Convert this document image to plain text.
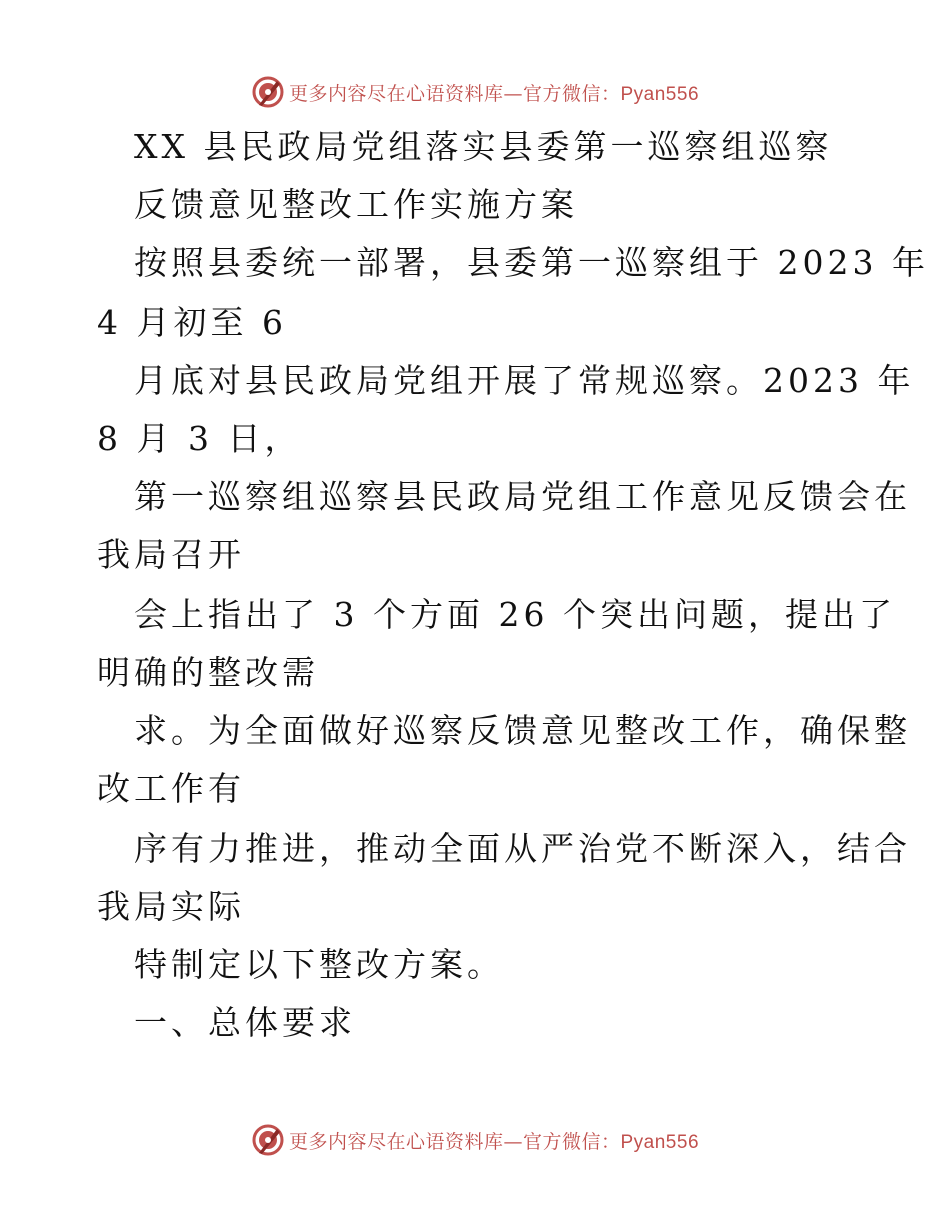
更多内容尽在心语资料库—官方微信：Pyan556
XX 县民政局党组落实县委第一巡察组巡察
反馈意见整改工作实施方案
按照县委统一部署，县委第一巡察组于 2023 年
4 月初至 6
月底对县民政局党组开展了常规巡察。2023 年
8 月 3 日，
第一巡察组巡察县民政局党组工作意见反馈会在
我局召开
会上指出了 3 个方面 26 个突出问题，提出了
明确的整改需
求。为全面做好巡察反馈意见整改工作，确保整
改工作有
序有力推进，推动全面从严治党不断深入，结合
我局实际
特制定以下整改方案。
一、总体要求
更多内容尽在心语资料库—官方微信：Pyan556
